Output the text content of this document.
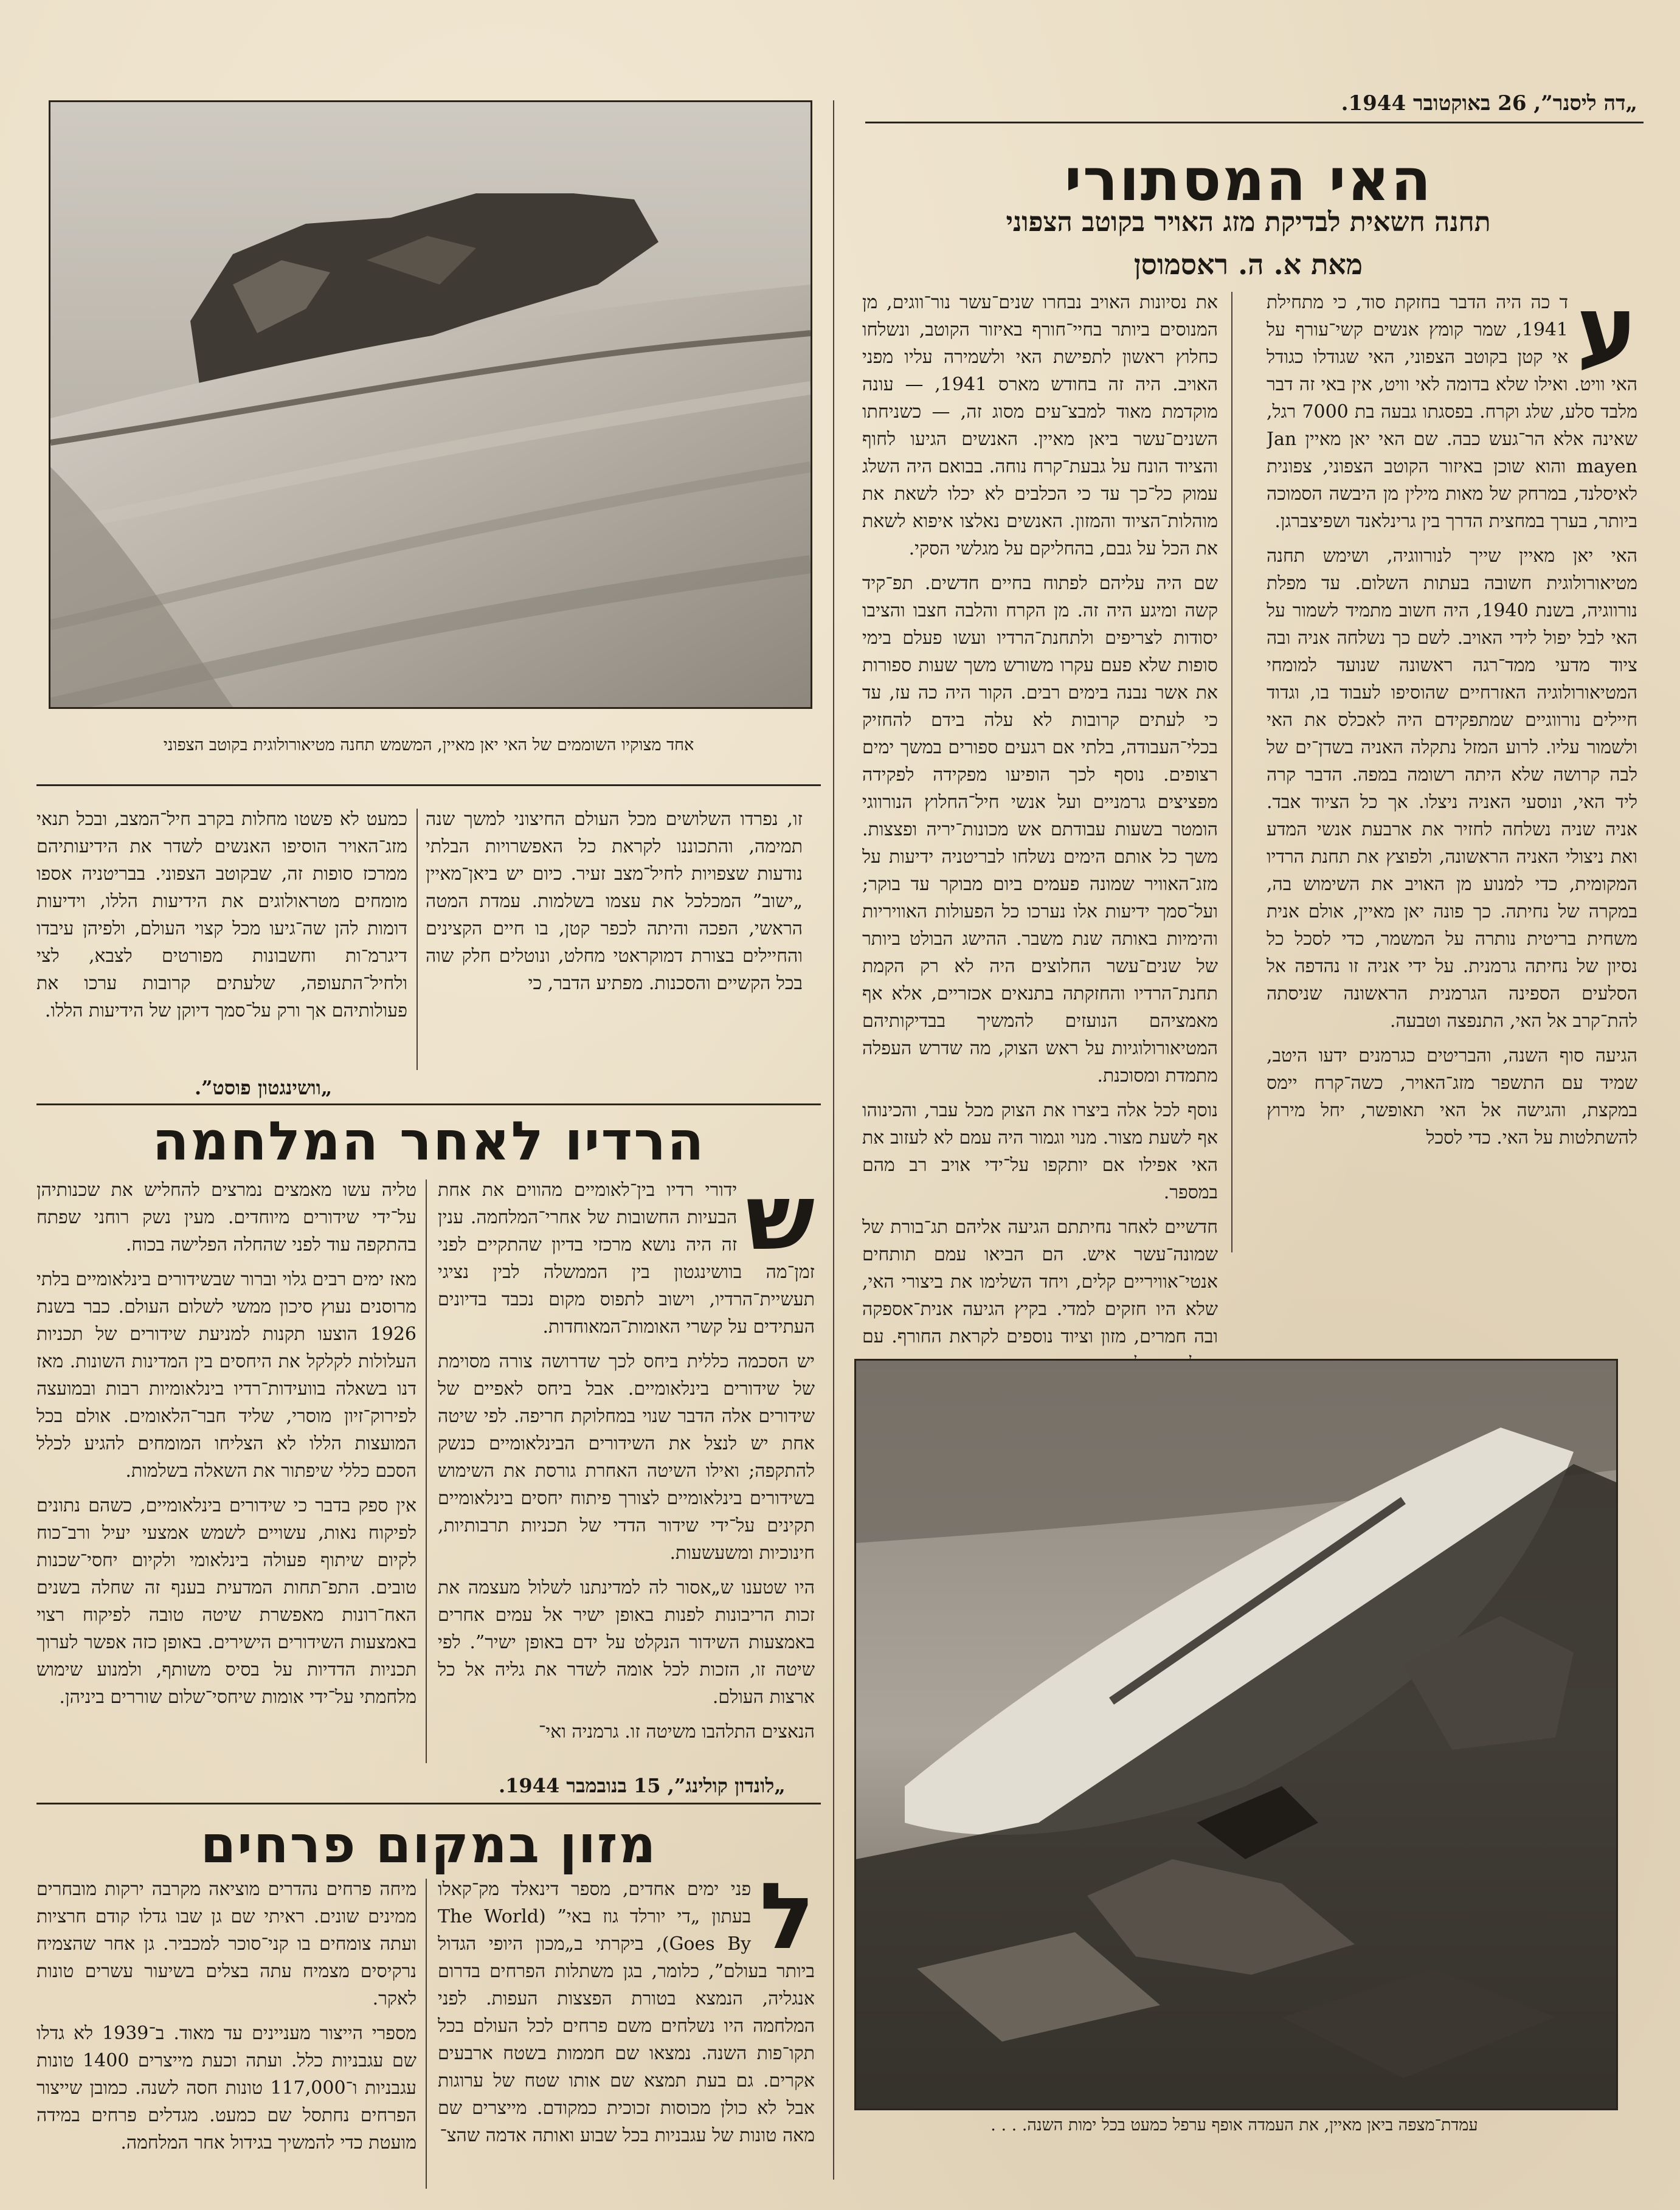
„דה ליסנר”, 26 באוקטובר 1944.
האי המסתורי
תחנה חשאית לבדיקת מזג האויר בקוטב הצפוני
מאת א. ה. ראסמוסן
ע

ד כה היה הדבר בחזקת סוד, כי מתחילת 1941, שמר קומץ אנשים קשי־עורף על אי קטן בקוטב הצפוני, האי שגודלו כגודל האי וויט. ואילו שלא בדומה לאי וויט, אין באי זה דבר מלבד סלע, שלג וקרח. בפסגתו גבעה בת 7000 רגל, שאינה אלא הר־געש כבה. שם האי יאן מאיין Jan mayen והוא שוכן באיזור הקוטב הצפוני, צפונית לאיסלנד, במרחק של מאות מילין מן היבשה הסמוכה ביותר, בערך במחצית הדרך בין גרינלאנד ושפיצברגן.

האי יאן מאיין שייך לנורווגיה, ושימש תחנה מטיאורולוגית חשובה בעתות השלום. עד מפלת נורווגיה, בשנת 1940, היה חשוב מתמיד לשמור על האי לבל יפול לידי האויב. לשם כך נשלחה אניה ובה ציוד מדעי ממד־רגה ראשונה שנועד למומחי המטיאורולוגיה האזרחיים שהוסיפו לעבוד בו, וגדוד חיילים נורווגיים שמתפקידם היה לאכלס את האי ולשמור עליו. לרוע המזל נתקלה האניה בשדן־ים של לבה קרושה שלא היתה רשומה במפה. הדבר קרה ליד האי, ונוסעי האניה ניצלו. אך כל הציוד אבד. אניה שניה נשלחה לחזיר את ארבעת אנשי המדע ואת ניצולי האניה הראשונה, ולפוצץ את תחנת הרדיו המקומית, כדי למנוע מן האויב את השימוש בה, במקרה של נחיתה. כך פונה יאן מאיין, אולם אנית משחית בריטית נותרה על המשמר, כדי לסכל כל נסיון של נחיתה גרמנית. על ידי אניה זו נהדפה אל הסלעים הספינה הגרמנית הראשונה שניסתה להת־קרב אל האי, התנפצה וטבעה.

הגיעה סוף השנה, והבריטים כגרמנים ידעו היטב, שמיד עם התשפר מזג־האויר, כשה־קרח יימס במקצת, והגישה אל האי תאופשר, יחל מירוץ להשתלטות על האי. כדי לסכל

את נסיונות האויב נבחרו שנים־עשר נור־ווגים, מן המנוסים ביותר בחיי־חורף באיזור הקוטב, ונשלחו כחלוץ ראשון לתפישת האי ולשמירה עליו מפני האויב. היה זה בחודש מארס 1941, — עונה מוקדמת מאוד למבצ־עים מסוג זה, — כשניחתו השנים־עשר ביאן מאיין. האנשים הגיעו לחוף והציוד הונח על גבעת־קרח נוחה. בבואם היה השלג עמוק כל־כך עד כי הכלבים לא יכלו לשאת את מוהלות־הציוד והמזון. האנשים נאלצו איפוא לשאת את הכל על גבם, בהחליקם על מגלשי הסקי.

שם היה עליהם לפתוח בחיים חדשים. תפ־קיד קשה ומיגע היה זה. מן הקרח והלבה חצבו והציבו יסודות לצריפים ולתחנת־הרדיו ועשו פעלם בימי סופות שלא פעם עקרו משורש משך שעות ספורות את אשר נבנה בימים רבים. הקור היה כה עז, עד כי לעתים קרובות לא עלה בידם להחזיק בכלי־העבודה, בלתי אם רגעים ספורים במשך ימים רצופים. נוסף לכך הופיעו מפקידה לפקידה מפציצים גרמניים ועל אנשי חיל־החלוץ הנורווגי הומטר בשעות עבודתם אש מכונות־יריה ופצצות. משך כל אותם הימים נשלחו לבריטניה ידיעות על מזג־האוויר שמונה פעמים ביום מבוקר עד בוקר; ועל־סמך ידיעות אלו נערכו כל הפעולות האוויריות והימיות באותה שנת משבר. ההישג הבולט ביותר של שנים־עשר החלוצים היה לא רק הקמת תחנת־הרדיו והחזקתה בתנאים אכזריים, אלא אף מאמציהם הנועזים להמשיך בבדיקותיהם המטיאורולוגיות על ראש הצוק, מה שדרש העפלה מתמדת ומסוכנת.

נוסף לכל אלה ביצרו את הצוק מכל עבר, והכינוהו אף לשעת מצור. מנוי וגמור היה עמם לא לעזוב את האי אפילו אם יותקפו על־ידי אויב רב מהם במספר.

חדשיים לאחר נחיתתם הגיעה אליהם תג־בורת של שמונה־עשר איש. הם הביאו עמם תותחים אנטי־אוויריים קלים, ויחד השלימו את ביצורי האי, שלא היו חזקים למדי. בקיץ הגיעה אנית־אספקה ובה חמרים, מזון וציוד נוספים לקראת החורף. עם

אחד מצוקיו השוממים של האי יאן מאיין, המשמש תחנה מטיאורולוגית בקוטב הצפוני
זו, נפרדו השלושים מכל העולם החיצוני למשך שנה תמימה, והתכוננו לקראת כל האפשרויות הבלתי נודעות שצפויות לחיל־מצב זעיר. כיום יש ביאן־מאיין „ישוב” המכלכל את עצמו בשלמות. עמדת המטה הראשי, הפכה והיתה לכפר קטן, בו חיים הקצינים והחיילים בצורת דמוקראטי מחלט, ונוטלים חלק שוה בכל הקשיים והסכנות. מפתיע הדבר, כי
כמעט לא פשטו מחלות בקרב חיל־המצב, ובכל תנאי מזג־האויר הוסיפו האנשים לשדר את הידיעותיהם ממרכז סופות זה, שבקוטב הצפוני. בבריטניה אספו מומחים מטראולוגים את הידיעות הללו, וידיעות דומות להן שה־גיעו מכל קצוי העולם, ולפיהן עיבדו דיגרמ־ות וחשבונות מפורטים לצבא, לצי ולחיל־התעופה, שלעתים קרובות ערכו את פעולותיהם אך ורק על־סמך דיוקן של הידיעות הללו.
„וושינגטון פוסט”.
הרדיו לאחר המלחמה
ש

ידורי רדיו בין־לאומיים מהווים את אחת הבעיות החשובות של אחרי־המלחמה. ענין זה היה נושא מרכזי בדיון שהתקיים לפני זמן־מה בוושינגטון בין הממשלה לבין נציגי תעשיית־הרדיו, וישוב לתפוס מקום נכבד בדיונים העתידים על קשרי האומות־המאוחדות.

יש הסכמה כללית ביחס לכך שדרושה צורה מסוימת של שידורים בינלאומיים. אבל ביחס לאפיים של שידורים אלה הדבר שנוי במחלוקת חריפה. לפי שיטה אחת יש לנצל את השידורים הבינלאומיים כנשק להתקפה; ואילו השיטה האחרת גורסת את השימוש בשידורים בינלאומיים לצורך פיתוח יחסים בינלאומיים תקינים על־ידי שידור הדדי של תכניות תרבותיות, חינוכיות ומשעשעות.

היו שטענו ש„אסור לה למדינתנו לשלול מעצמה את זכות הריבונות לפנות באופן ישיר אל עמים אחרים באמצעות השידור הנקלט על ידם באופן ישיר”. לפי שיטה זו, הזכות לכל אומה לשדר את גליה אל כל ארצות העולם.

הנאצים התלהבו משיטה זו. גרמניה ואי־

טליה עשו מאמצים נמרצים להחליש את שכנותיהן על־ידי שידורים מיוחדים. מעין נשק רוחני שפתח בהתקפה עוד לפני שהחלה הפלישה בכוח.

מאז ימים רבים גלוי וברור שבשידורים בינלאומיים בלתי מרוסנים נעוץ סיכון ממשי לשלום העולם. כבר בשנת 1926 הוצעו תקנות למניעת שידורים של תכניות העלולות לקלקל את היחסים בין המדינות השונות. מאז דנו בשאלה בוועידות־רדיו בינלאומיות רבות ובמועצה לפירוק־זיון מוסרי, שליד חבר־הלאומים. אולם בכל המועצות הללו לא הצליחו המומחים להגיע לכלל הסכם כללי שיפתור את השאלה בשלמות.

אין ספק בדבר כי שידורים בינלאומיים, כשהם נתונים לפיקוח נאות, עשויים לשמש אמצעי יעיל ורב־כוח לקיום שיתוף פעולה בינלאומי ולקיום יחסי־שכנות טובים. התפ־תחות המדעית בענף זה שחלה בשנים האח־רונות מאפשרת שיטה טובה לפיקוח רצוי באמצעות השידורים הישירים. באופן כזה אפשר לערוך תכניות הדדיות על בסיס משותף, ולמנוע שימוש מלחמתי על־ידי אומות שיחסי־שלום שוררים ביניהן.

„לונדון קולינג”, 15 בנובמבר 1944.
מזון במקום פרחים
ל
פני ימים אחדים, מספר דינאלד מק־קאלו בעתון „די יורלד גוז באי” (The World Goes By), ביקרתי ב„מכון היופי הגדול ביותר בעולם”, כלומר, בגן משתלות הפרחים בדרום אנגליה, הנמצא בטורת הפצצות העפות. לפני המלחמה היו נשלחים משם פרחים לכל העולם בכל תקו־פות השנה. נמצאו שם חממות בשטח ארבעים אקרים. גם בעת תמצא שם אותו שטח של ערוגות אבל לא כולן מכוסות זכוכית כמקודם. מייצרים שם מאה טונות של עגבניות בכל שבוע ואותה אדמה שהצ־

מיחה פרחים נהדרים מוציאה מקרבה ירקות מובחרים ממינים שונים. ראיתי שם גן שבו גדלו קודם חרציות ועתה צומחים בו קני־סוכר למכביר. גן אחר שהצמיח נרקיסים מצמיח עתה בצלים בשיעור עשרים טונות לאקר.

מספרי הייצור מעניינים עד מאוד. ב־1939 לא גדלו שם עגבניות כלל. ועתה וכעת מייצרים 1400 טונות עגבניות ו־117,000 טונות חסה לשנה. כמובן שייצור הפרחים נחתסל שם כמעט. מגדלים פרחים במידה מועטת כדי להמשיך בגידול אחר המלחמה.

עמדת־מצפה ביאן מאיין, את העמדה אופף ערפל כמעט בכל ימות השנה. . . .
